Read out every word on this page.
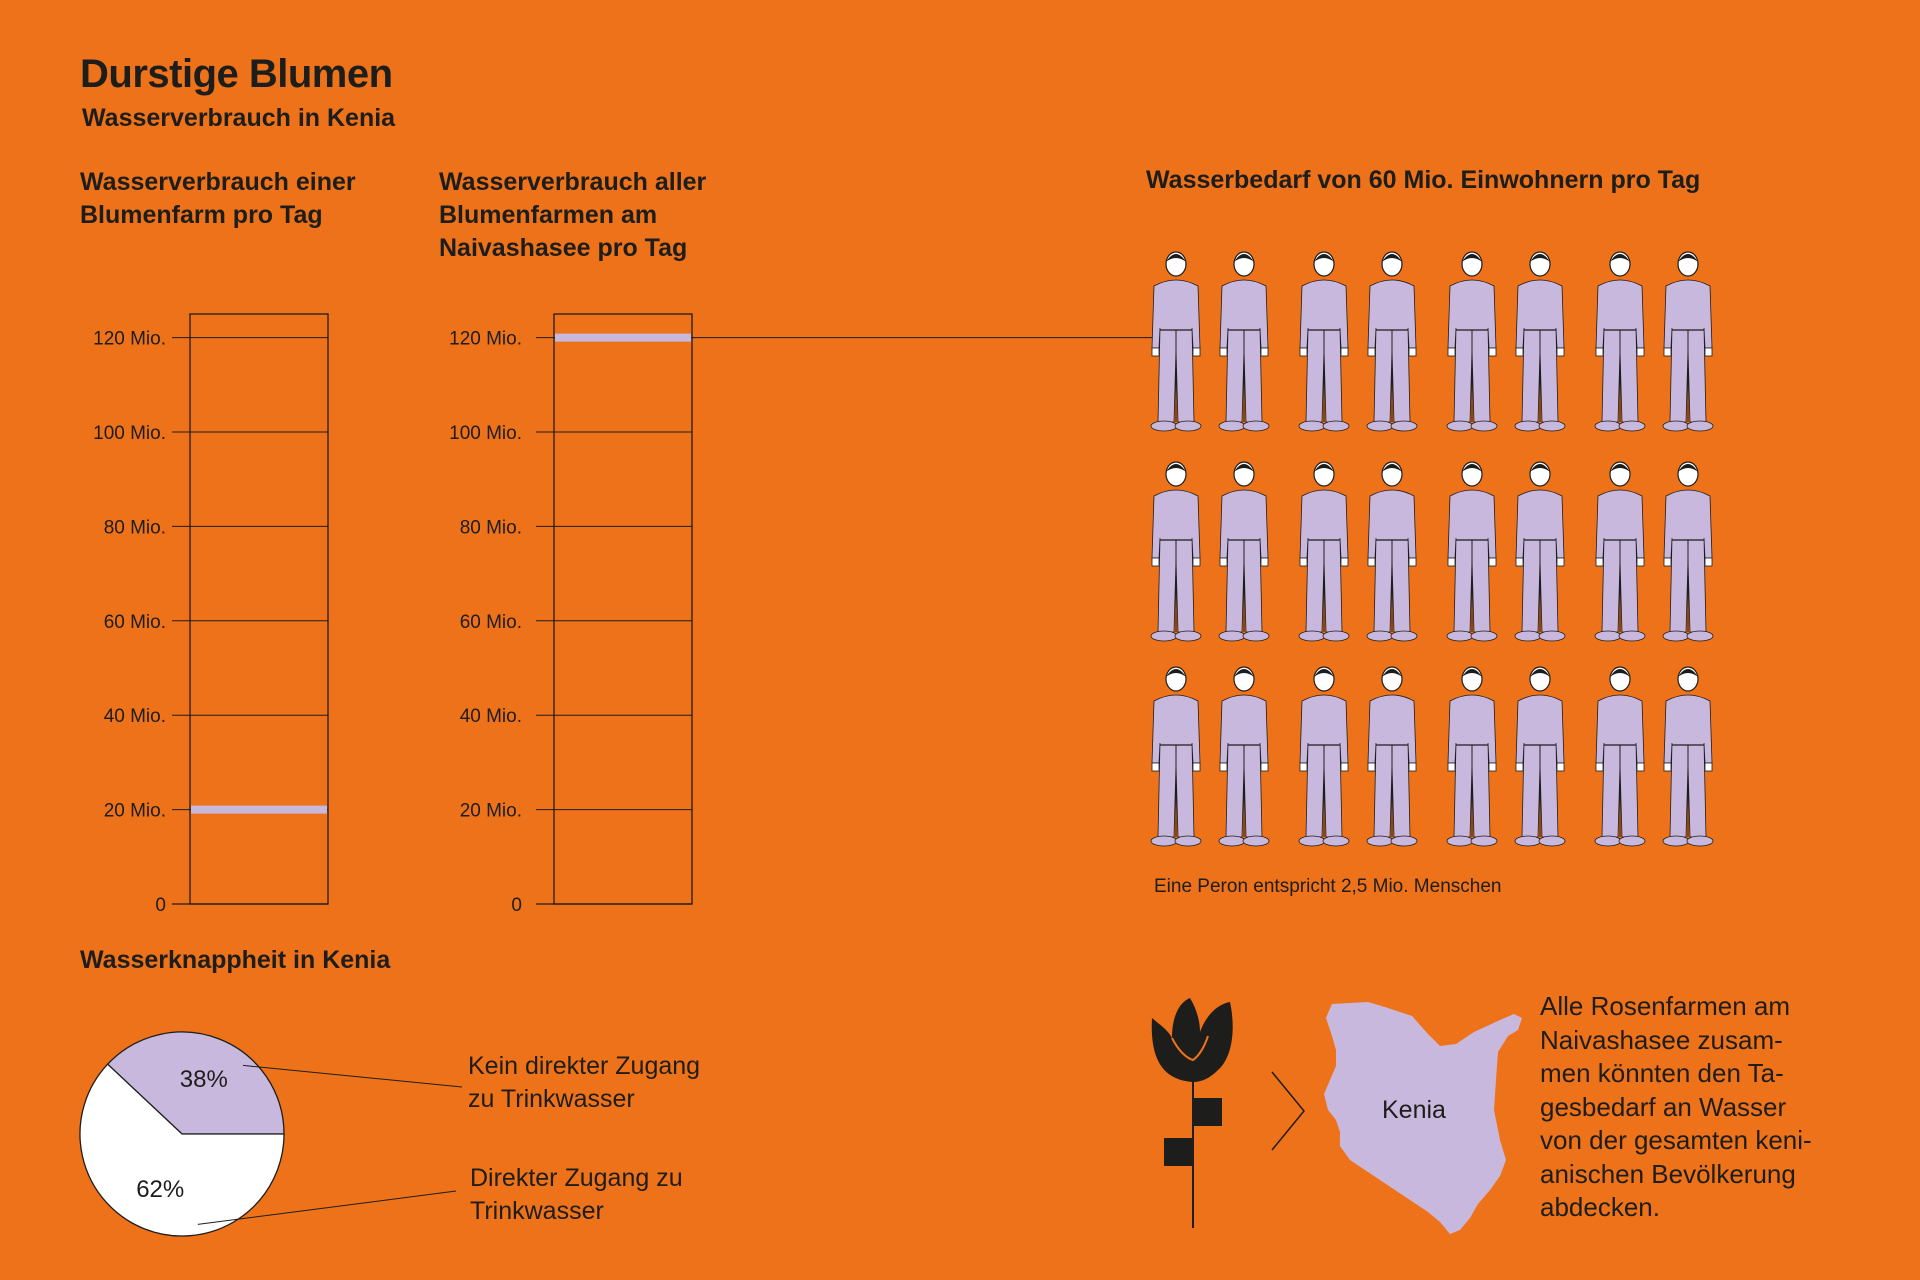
Durstige Blumen
Wasserverbrauch in Kenia
Wasserverbrauch einer
Blumenfarm pro Tag
Wasserverbrauch aller
Blumenfarmen am
Naivashasee pro Tag
Wasserbedarf von 60 Mio. Einwohnern pro Tag
0
20 Mio.
40 Mio.
60 Mio.
80 Mio.
100 Mio.
120 Mio.
0
20 Mio.
40 Mio.
60 Mio.
80 Mio.
100 Mio.
120 Mio.
Eine Peron entspricht 2,5 Mio. Menschen
Wasserknappheit in Kenia
38%
62%
Kein direkter Zugang
zu Trinkwasser
Direkter Zugang zu
Trinkwasser
Kenia
Alle Rosenfarmen am
Naivashasee zusam-
men könnten den Ta-
gesbedarf an Wasser
von der gesamten keni-
anischen Bevölkerung
abdecken.
